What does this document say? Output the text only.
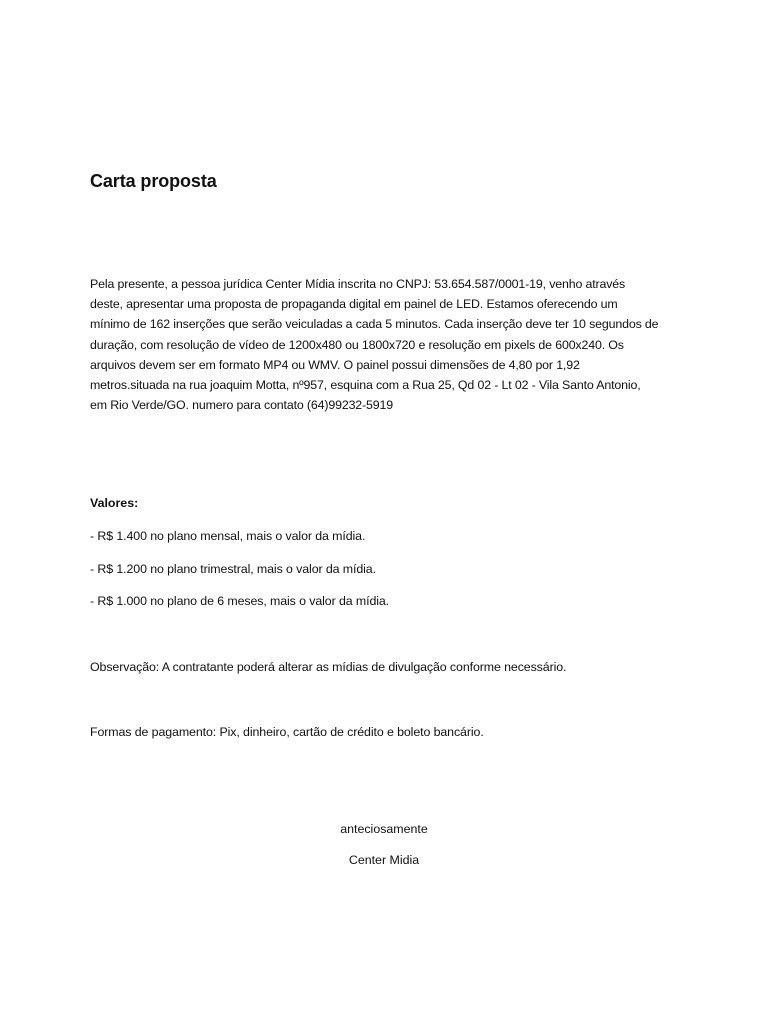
Carta proposta

Pela presente, a pessoa jurídica Center Mídia inscrita no CNPJ: 53.654.587/0001-19, venho através
deste, apresentar uma proposta de propaganda digital em painel de LED. Estamos oferecendo um
mínimo de 162 inserções que serão veiculadas a cada 5 minutos. Cada inserção deve ter 10 segundos de
duração, com resolução de vídeo de 1200x480 ou 1800x720 e resolução em pixels de 600x240. Os
arquivos devem ser em formato MP4 ou WMV. O painel possui dimensões de 4,80 por 1,92
metros.situada na rua joaquim Motta, nº957, esquina com a Rua 25, Qd 02 - Lt 02 - Vila Santo Antonio,
em Rio Verde/GO. numero para contato (64)99232-5919

Valores:

- R$ 1.400 no plano mensal, mais o valor da mídia.
- R$ 1.200 no plano trimestral, mais o valor da mídia.
- R$ 1.000 no plano de 6 meses, mais o valor da mídia.

Observação: A contratante poderá alterar as mídias de divulgação conforme necessário.

Formas de pagamento: Pix, dinheiro, cartão de crédito e boleto bancário.

anteciosamente

Center Midia
